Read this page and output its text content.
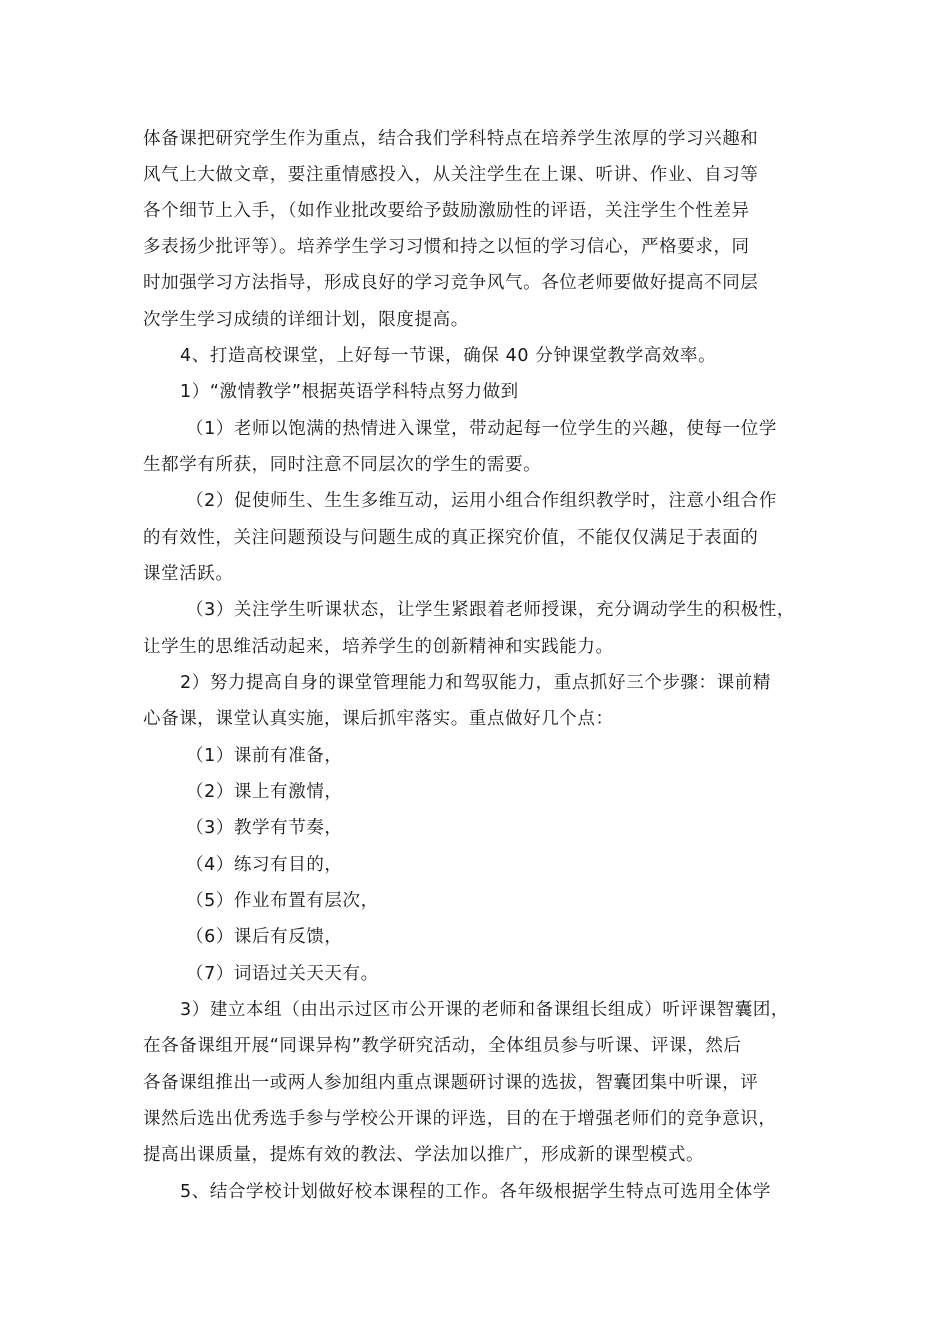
体备课把研究学生作为重点，结合我们学科特点在培养学生浓厚的学习兴趣和
风气上大做文章，要注重情感投入，从关注学生在上课、听讲、作业、自习等
各个细节上入手，（如作业批改要给予鼓励激励性的评语，关注学生个性差异
多表扬少批评等）。培养学生学习习惯和持之以恒的学习信心，严格要求，同
时加强学习方法指导，形成良好的学习竞争风气。各位老师要做好提高不同层
次学生学习成绩的详细计划，限度提高。
4、打造高校课堂，上好每一节课，确保 40 分钟课堂教学高效率。
1）“激情教学”根据英语学科特点努力做到
（1）老师以饱满的热情进入课堂，带动起每一位学生的兴趣，使每一位学
生都学有所获，同时注意不同层次的学生的需要。
（2）促使师生、生生多维互动，运用小组合作组织教学时，注意小组合作
的有效性，关注问题预设与问题生成的真正探究价值，不能仅仅满足于表面的
课堂活跃。
（3）关注学生听课状态，让学生紧跟着老师授课，充分调动学生的积极性，
让学生的思维活动起来，培养学生的创新精神和实践能力。
2）努力提高自身的课堂管理能力和驾驭能力，重点抓好三个步骤：课前精
心备课，课堂认真实施，课后抓牢落实。重点做好几个点：
（1）课前有准备，
（2）课上有激情，
（3）教学有节奏，
（4）练习有目的，
（5）作业布置有层次，
（6）课后有反馈，
（7）词语过关天天有。
3）建立本组（由出示过区市公开课的老师和备课组长组成）听评课智囊团，
在各备课组开展“同课异构”教学研究活动，全体组员参与听课、评课，然后
各备课组推出一或两人参加组内重点课题研讨课的选拔，智囊团集中听课，评
课然后选出优秀选手参与学校公开课的评选，目的在于增强老师们的竞争意识，
提高出课质量，提炼有效的教法、学法加以推广，形成新的课型模式。
5、结合学校计划做好校本课程的工作。各年级根据学生特点可选用全体学
